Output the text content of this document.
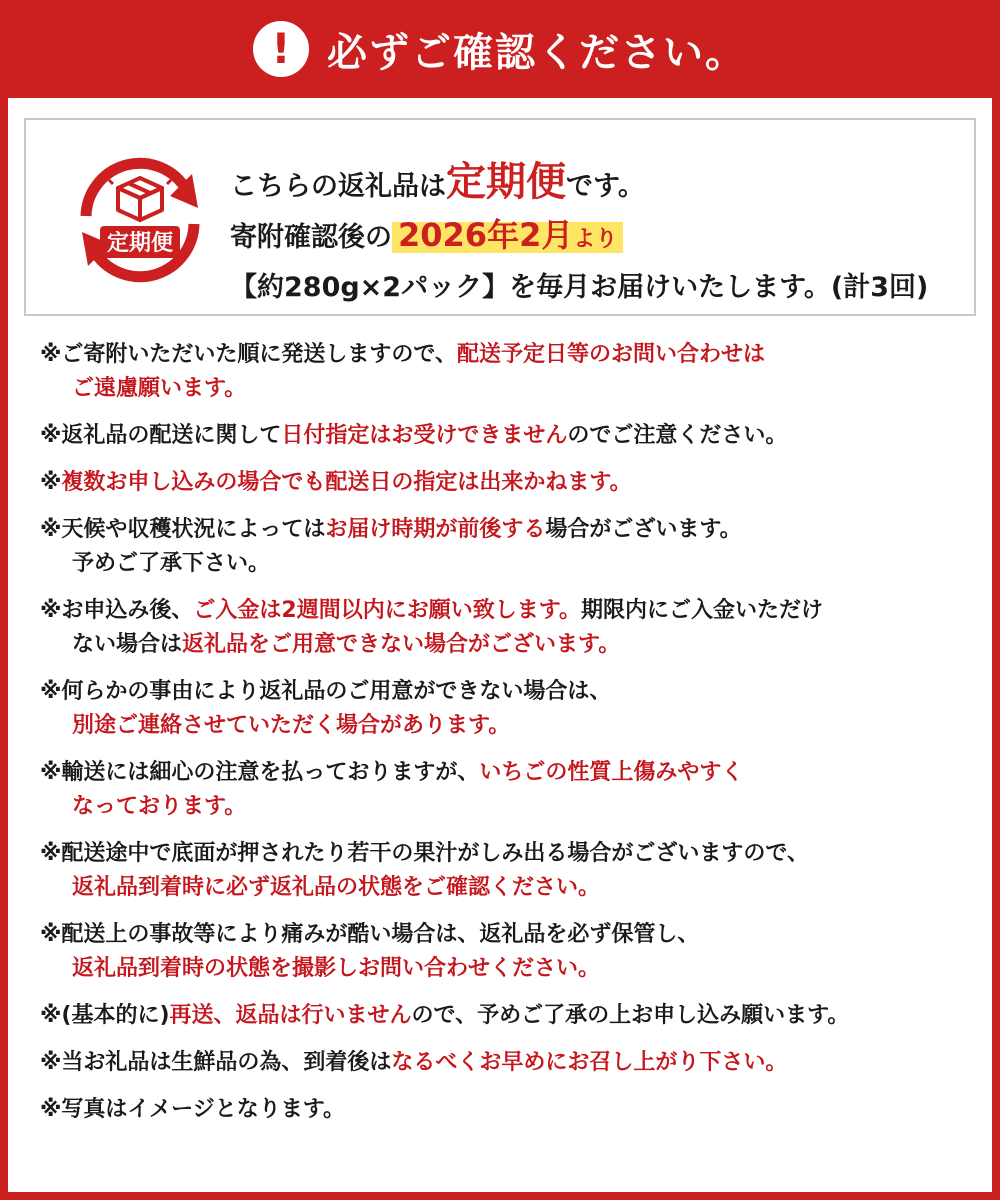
! 必ずご確認ください。
定期便
こちらの返礼品は定期便です。
寄附確認後の 2026年2月より
【約280g×2パック】を毎月お届けいたします。(計3回)
※ご寄附いただいた順に発送しますので、配送予定日等のお問い合わせは
ご遠慮願います。
※返礼品の配送に関して日付指定はお受けできませんのでご注意ください。
※複数お申し込みの場合でも配送日の指定は出来かねます。
※天候や収穫状況によってはお届け時期が前後する場合がございます。
予めご了承下さい。
※お申込み後、ご入金は2週間以内にお願い致します。期限内にご入金いただけ
ない場合は返礼品をご用意できない場合がございます。
※何らかの事由により返礼品のご用意ができない場合は、
別途ご連絡させていただく場合があります。
※輸送には細心の注意を払っておりますが、いちごの性質上傷みやすく
なっております。
※配送途中で底面が押されたり若干の果汁がしみ出る場合がございますので、
返礼品到着時に必ず返礼品の状態をご確認ください。
※配送上の事故等により痛みが酷い場合は、返礼品を必ず保管し、
返礼品到着時の状態を撮影しお問い合わせください。
※(基本的に)再送、返品は行いませんので、予めご了承の上お申し込み願います。
※当お礼品は生鮮品の為、到着後はなるべくお早めにお召し上がり下さい。
※写真はイメージとなります。
